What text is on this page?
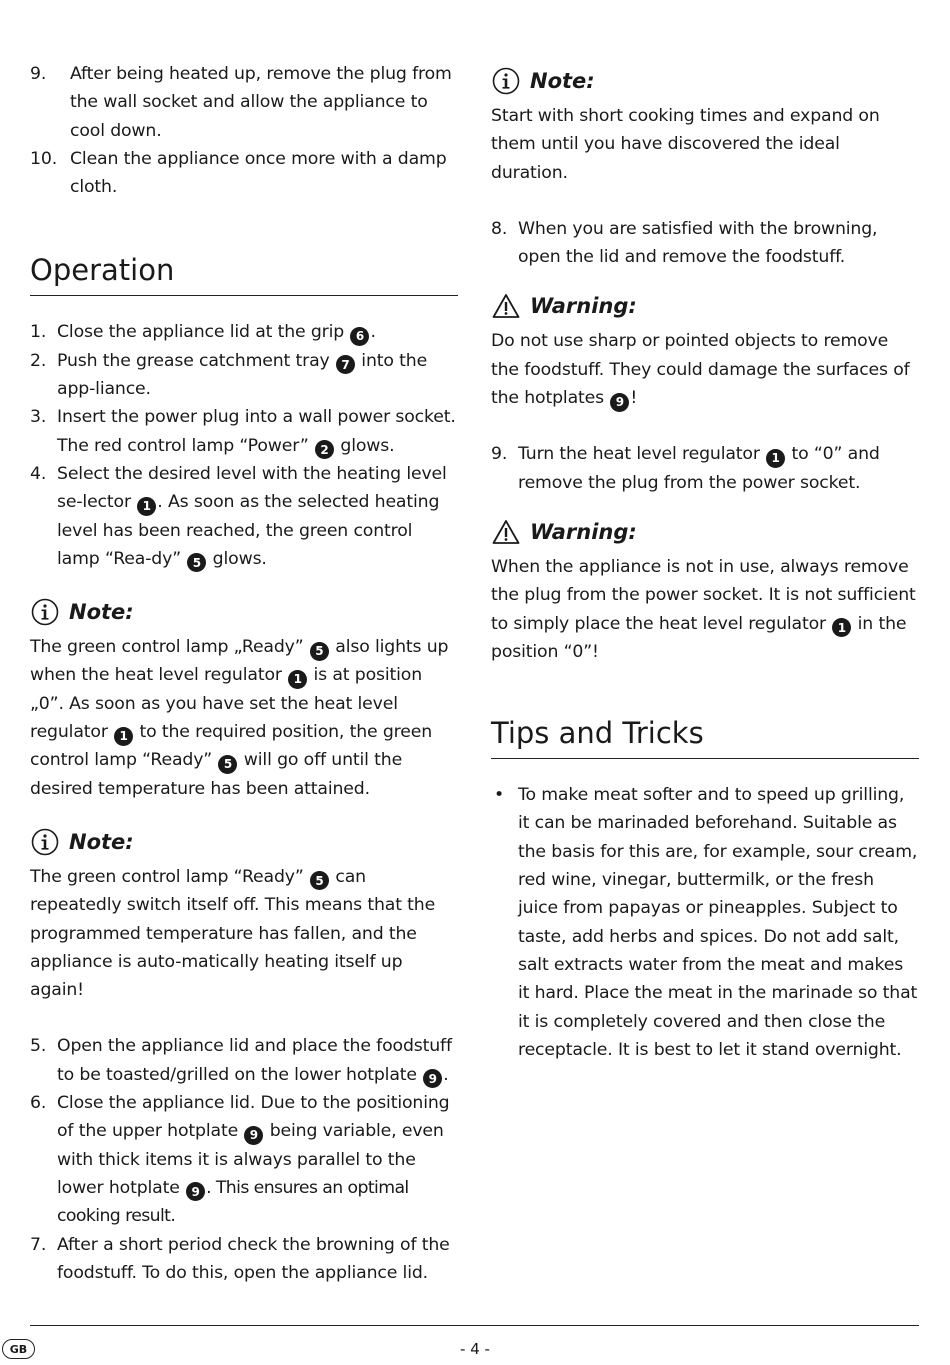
9. After being heated up, remove the plug from the wall socket and allow the appliance to cool down.
10. Clean the appliance once more with a damp cloth.
Operation
1. Close the appliance lid at the grip 6 .
2. Push the grease catchment tray 7 into the app-liance.
3. Insert the power plug into a wall power socket. The red control lamp “Power” 2 glows.
4. Select the desired level with the heating level se-lector 1 . As soon as the selected heating level has been reached, the green control lamp “Rea-dy” 5 glows.
Note:
The green control lamp „Ready” 5 also lights up when the heat level regulator 1 is at position „0”. As soon as you have set the heat level regulator 1 to the required position, the green control lamp “Ready” 5 will go off until the desired temperature has been attained.
Note:
The green control lamp “Ready” 5 can repeatedly switch itself off. This means that the programmed temperature has fallen, and the appliance is auto-matically heating itself up again!
5. Open the appliance lid and place the foodstuff to be toasted/grilled on the lower hotplate 9 .
6. Close the appliance lid. Due to the positioning of the upper hotplate 9 being variable, even with thick items it is always parallel to the lower hotplate 9 . This ensures an optimal cooking result.
7. After a short period check the browning of the foodstuff. To do this, open the appliance lid.
Note:
Start with short cooking times and expand on them until you have discovered the ideal duration.
8. When you are satisfied with the browning, open the lid and remove the foodstuff.
Warning:
Do not use sharp or pointed objects to remove the foodstuff. They could damage the surfaces of the hotplates 9 !
9. Turn the heat level regulator 1 to “0” and remove the plug from the power socket.
Warning:
When the appliance is not in use, always remove the plug from the power socket. It is not sufficient to simply place the heat level regulator 1 in the position “0”!
Tips and Tricks
• To make meat softer and to speed up grilling, it can be marinaded beforehand. Suitable as the basis for this are, for example, sour cream, red wine, vinegar, buttermilk, or the fresh juice from papayas or pineapples. Subject to taste, add herbs and spices. Do not add salt, salt extracts water from the meat and makes it hard. Place the meat in the marinade so that it is completely covered and then close the receptacle. It is best to let it stand overnight.
GB	- 4 -
